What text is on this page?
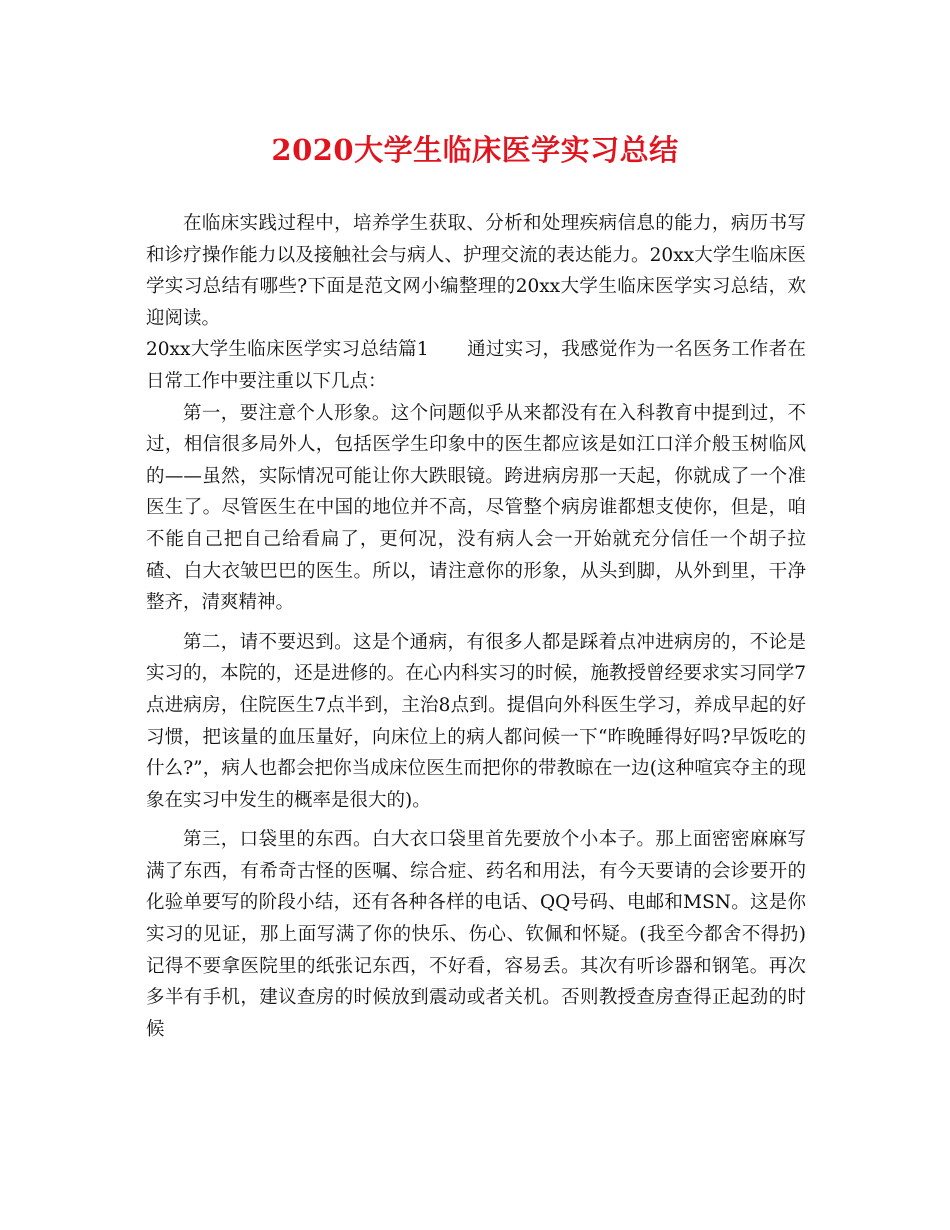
2020大学生临床医学实习总结

在临床实践过程中，培养学生获取、分析和处理疾病信息的能力，病历书写和诊疗操作能力以及接触社会与病人、护理交流的表达能力。20xx大学生临床医学实习总结有哪些?下面是范文网小编整理的20xx大学生临床医学实习总结，欢迎阅读。

20xx大学生临床医学实习总结篇1 通过实习，我感觉作为一名医务工作者在日常工作中要注重以下几点：

第一，要注意个人形象。这个问题似乎从来都没有在入科教育中提到过，不过，相信很多局外人，包括医学生印象中的医生都应该是如江口洋介般玉树临风的——虽然，实际情况可能让你大跌眼镜。跨进病房那一天起，你就成了一个准医生了。尽管医生在中国的地位并不高，尽管整个病房谁都想支使你，但是，咱不能自己把自己给看扁了，更何况，没有病人会一开始就充分信任一个胡子拉碴、白大衣皱巴巴的医生。所以，请注意你的形象，从头到脚，从外到里，干净整齐，清爽精神。

第二，请不要迟到。这是个通病，有很多人都是踩着点冲进病房的，不论是实习的，本院的，还是进修的。在心内科实习的时候，施教授曾经要求实习同学7点进病房，住院医生7点半到，主治8点到。提倡向外科医生学习，养成早起的好习惯，把该量的血压量好，向床位上的病人都问候一下“昨晚睡得好吗?早饭吃的什么?”，病人也都会把你当成床位医生而把你的带教晾在一边(这种喧宾夺主的现象在实习中发生的概率是很大的)。

第三，口袋里的东西。白大衣口袋里首先要放个小本子。那上面密密麻麻写满了东西，有希奇古怪的医嘱、综合症、药名和用法，有今天要请的会诊要开的化验单要写的阶段小结，还有各种各样的电话、QQ号码、电邮和MSN。这是你实习的见证，那上面写满了你的快乐、伤心、钦佩和怀疑。(我至今都舍不得扔)记得不要拿医院里的纸张记东西，不好看，容易丢。其次有听诊器和钢笔。再次多半有手机，建议查房的时候放到震动或者关机。否则教授查房查得正起劲的时候
